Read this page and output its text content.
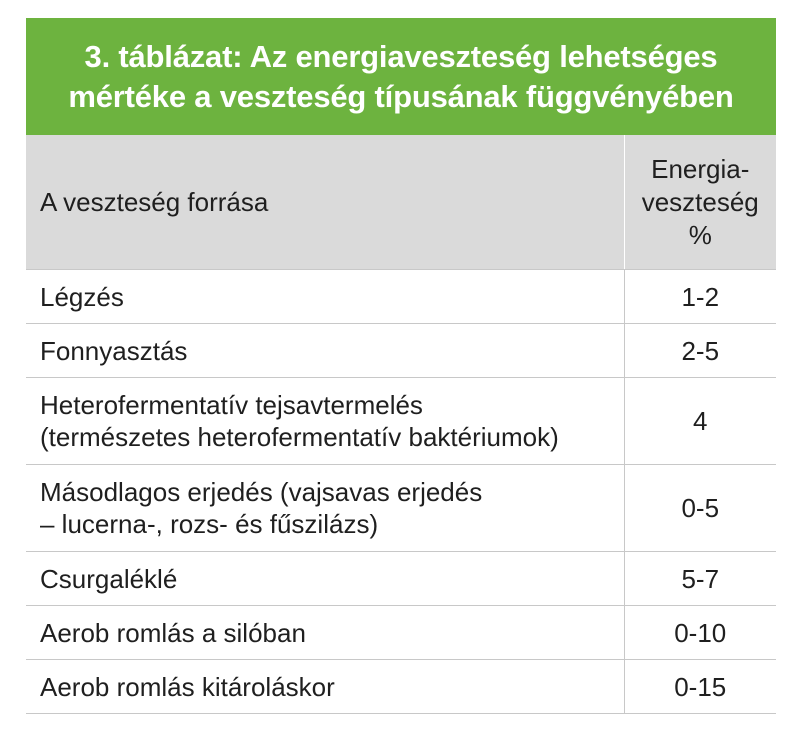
3. táblázat: Az energiaveszteség lehetséges
mértéke a veszteség típusának függvényében
A veszteség forrása	Energia-
veszteség
%

Légzés	1-2

Fonnyasztás	2-5

Heterofermentatív tejsavtermelés
(természetes heterofermentatív baktériumok)	4

Másodlagos erjedés (vajsavas erjedés
– lucerna-, rozs- és fűszilázs)	0-5

Csurgaléklé	5-7

Aerob romlás a silóban	0-10

Aerob romlás kitároláskor	0-15
